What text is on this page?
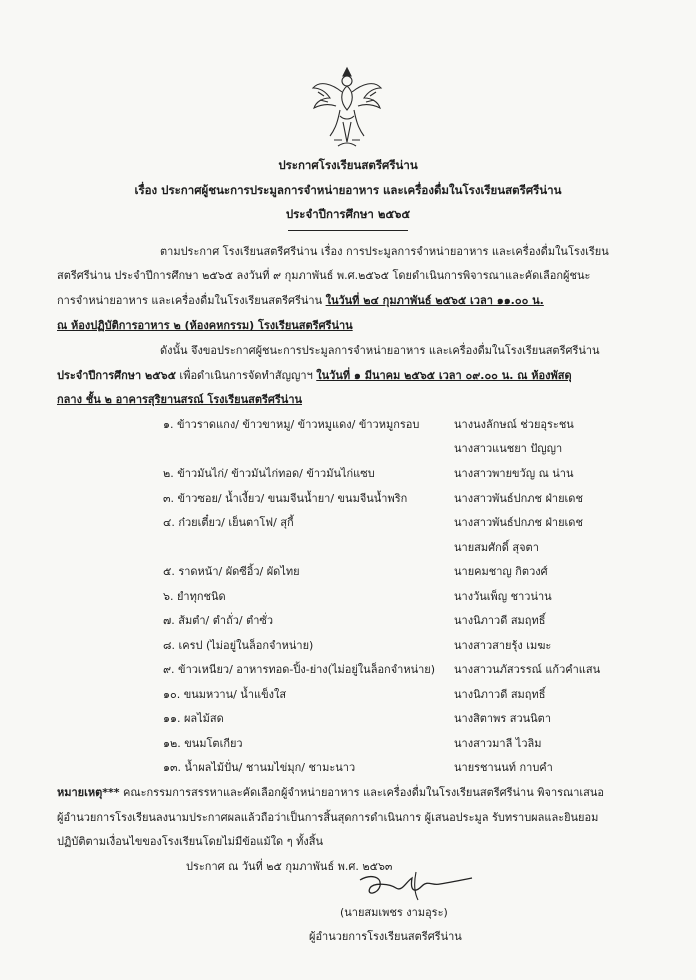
ประกาศโรงเรียนสตรีศรีน่าน
เรื่อง ประกาศผู้ชนะการประมูลการจำหน่ายอาหาร และเครื่องดื่มในโรงเรียนสตรีศรีน่าน
ประจำปีการศึกษา ๒๕๖๕
ตามประกาศ โรงเรียนสตรีศรีน่าน เรื่อง การประมูลการจำหน่ายอาหาร และเครื่องดื่มในโรงเรียน
สตรีศรีน่าน ประจำปีการศึกษา ๒๕๖๕ ลงวันที่ ๙ กุมภาพันธ์ พ.ศ.๒๕๖๕ โดยดำเนินการพิจารณาและคัดเลือกผู้ชนะ
การจำหน่ายอาหาร และเครื่องดื่มในโรงเรียนสตรีศรีน่าน ในวันที่ ๒๔ กุมภาพันธ์ ๒๕๖๕ เวลา ๑๑.๐๐ น.
ณ ห้องปฏิบัติการอาหาร ๒ (ห้องคหกรรม) โรงเรียนสตรีศรีน่าน
ดังนั้น จึงขอประกาศผู้ชนะการประมูลการจำหน่ายอาหาร และเครื่องดื่มในโรงเรียนสตรีศรีน่าน
ประจำปีการศึกษา ๒๕๖๕ เพื่อดำเนินการจัดทำสัญญาฯ ในวันที่ ๑ มีนาคม ๒๕๖๕ เวลา ๐๙.๐๐ น. ณ ห้องพัสดุ
กลาง ชั้น ๒ อาคารสุริยานสรณ์ โรงเรียนสตรีศรีน่าน
๑. ข้าวราดแกง/ ข้าวขาหมู/ ข้าวหมูแดง/ ข้าวหมูกรอบ	นางนงลักษณ์ ช่วยอุระชน
นางสาวแนชยา ปัญญา
๒. ข้าวมันไก่/ ข้าวมันไก่ทอด/ ข้าวมันไก่แซบ	นางสาวพายขวัญ ณ น่าน
๓. ข้าวซอย/ น้ำเงี้ยว/ ขนมจีนน้ำยา/ ขนมจีนน้ำพริก	นางสาวพันธ์ปกภช ฝ่ายเดช
๔. ก๋วยเตี๋ยว/ เย็นตาโฟ/ สุกี้	นางสาวพันธ์ปกภช ฝ่ายเดช
นายสมศักดิ์ สุจตา
๕. ราดหน้า/ ผัดซีอิ้ว/ ผัดไทย	นายคมชาญ กิตวงศ์
๖. ยำทุกชนิด	นางวันเพ็ญ ชาวน่าน
๗. ส้มตำ/ ตำถั่ว/ ตำซั่ว	นางนิภาวดี สมฤทธิ์
๘. เครป (ไม่อยู่ในล็อกจำหน่าย)	นางสาวสายรุ้ง เมฆะ
๙. ข้าวเหนียว/ อาหารทอด-ปิ้ง-ย่าง(ไม่อยู่ในล็อกจำหน่าย) นางสาวนภัสวรรณ์ แก้วคำแสน
๑๐. ขนมหวาน/ น้ำแข็งใส	นางนิภาวดี สมฤทธิ์
๑๑. ผลไม้สด	นางสิตาพร สวนนิตา
๑๒. ขนมโตเกียว	นางสาวมาลี ไวลิม
๑๓. น้ำผลไม้ปั่น/ ชานมไข่มุก/ ชามะนาว	นายรชานนท์ กาบคำ
หมายเหตุ*** คณะกรรมการสรรหาและคัดเลือกผู้จำหน่ายอาหาร และเครื่องดื่มในโรงเรียนสตรีศรีน่าน พิจารณาเสนอ
ผู้อำนวยการโรงเรียนลงนามประกาศผลแล้วถือว่าเป็นการสิ้นสุดการดำเนินการ ผู้เสนอประมูล รับทราบผลและยินยอม
ปฏิบัติตามเงื่อนไขของโรงเรียนโดยไม่มีข้อแม้ใด ๆ ทั้งสิ้น
ประกาศ ณ วันที่ ๒๕ กุมภาพันธ์ พ.ศ. ๒๕๖๓
(นายสมเพชร งามอุระ)
ผู้อำนวยการโรงเรียนสตรีศรีน่าน
